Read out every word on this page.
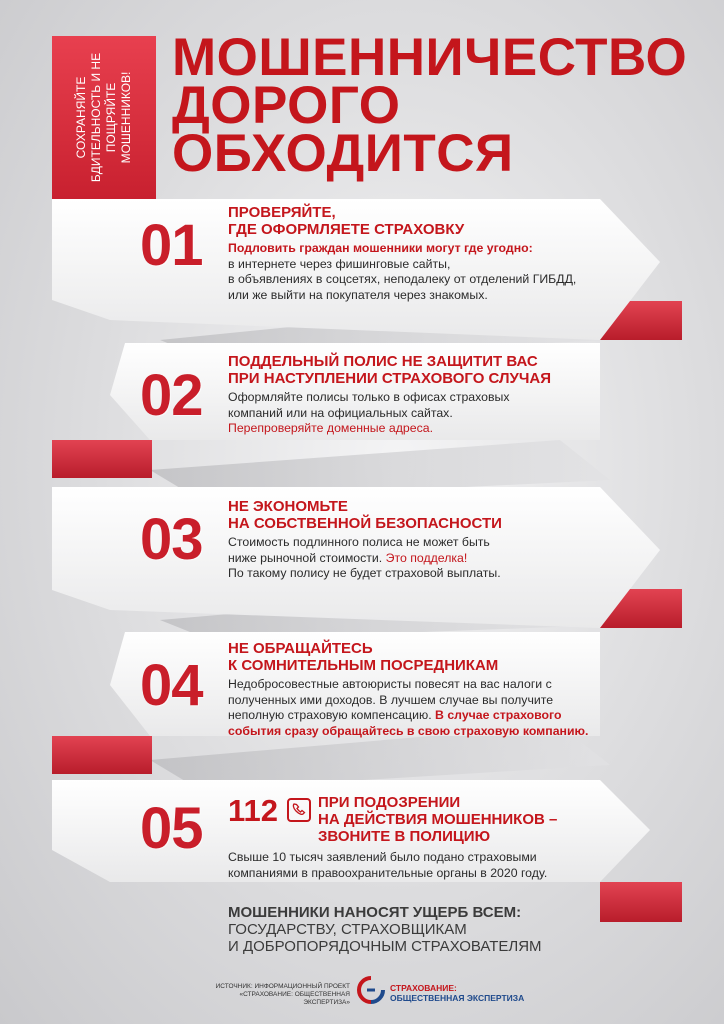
СОХРАНЯЙТЕ БДИТЕЛЬНОСТЬ И НЕ ПОЩРЯЙТЕ МОШЕННИКОВ!
МОШЕННИЧЕСТВО
ДОРОГО
ОБХОДИТСЯ
01
ПРОВЕРЯЙТЕ,
ГДЕ ОФОРМЛЯЕТЕ СТРАХОВКУ
Подловить граждан мошенники могут где угодно:
в интернете через фишинговые сайты,
в объявлениях в соцсетях, неподалеку от отделений ГИБДД,
или же выйти на покупателя через знакомых.
02
ПОДДЕЛЬНЫЙ ПОЛИС НЕ ЗАЩИТИТ ВАС
ПРИ НАСТУПЛЕНИИ СТРАХОВОГО СЛУЧАЯ
Оформляйте полисы только в офисах страховых
компаний или на официальных сайтах.
Перепроверяйте доменные адреса.
03
НЕ ЭКОНОМЬТЕ
НА СОБСТВЕННОЙ БЕЗОПАСНОСТИ
Стоимость подлинного полиса не может быть
ниже рыночной стоимости. Это подделка!
По такому полису не будет страховой выплаты.
04
НЕ ОБРАЩАЙТЕСЬ
К СОМНИТЕЛЬНЫМ ПОСРЕДНИКАМ
Недобросовестные автоюристы повесят на вас налоги с
полученных ими доходов. В лучшем случае вы получите
неполную страховую компенсацию. В случае страхового
события сразу обращайтесь в свою страховую компанию.
05 112	ПРИ ПОДОЗРЕНИИ
НА ДЕЙСТВИЯ МОШЕННИКОВ –
ЗВОНИТЕ В ПОЛИЦИЮ
Свыше 10 тысяч заявлений было подано страховыми
компаниями в правоохранительные органы в 2020 году.
МОШЕННИКИ НАНОСЯТ УЩЕРБ ВСЕМ:
ГОСУДАРСТВУ, СТРАХОВЩИКАМ
И ДОБРОПОРЯДОЧНЫМ СТРАХОВАТЕЛЯМ
ИСТОЧНИК: ИНФОРМАЦИОННЫЙ ПРОЕКТ
«СТРАХОВАНИЕ: ОБЩЕСТВЕННАЯ ЭКСПЕРТИЗА»
СТРАХОВАНИЕ:
ОБЩЕСТВЕННАЯ ЭКСПЕРТИЗА
